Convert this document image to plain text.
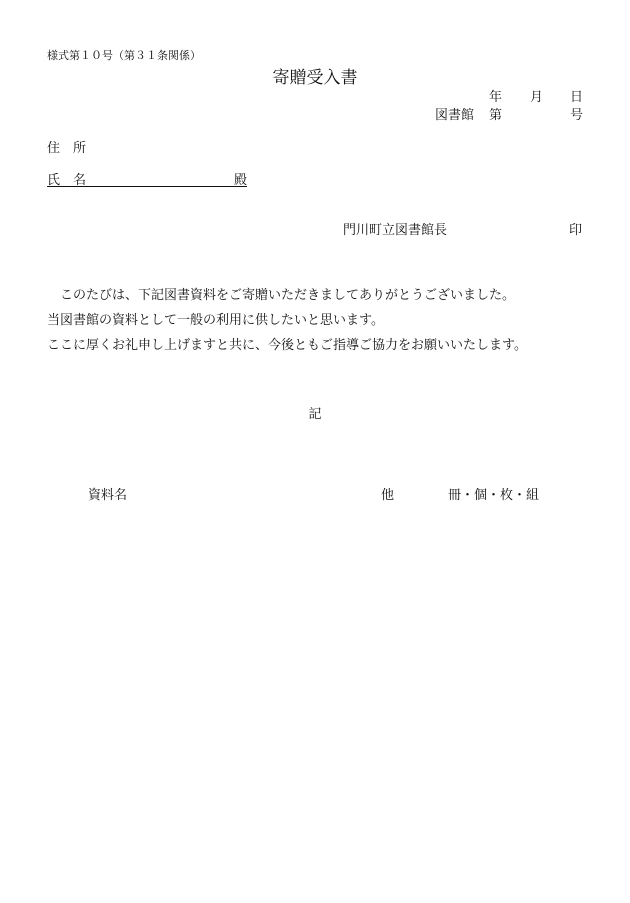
様式第１０号（第３１条関係）
寄贈受入書
年 月 日
図書館 第	号
住所
氏名	殿
門川町立図書館長	印
このたびは、下記図書資料をご寄贈いただきましてありがとうございました。
当図書館の資料として一般の利用に供したいと思います。
ここに厚くお礼申し上げますと共に、今後ともご指導ご協力をお願いいたします。
記
資料名	他	冊・個・枚・組
